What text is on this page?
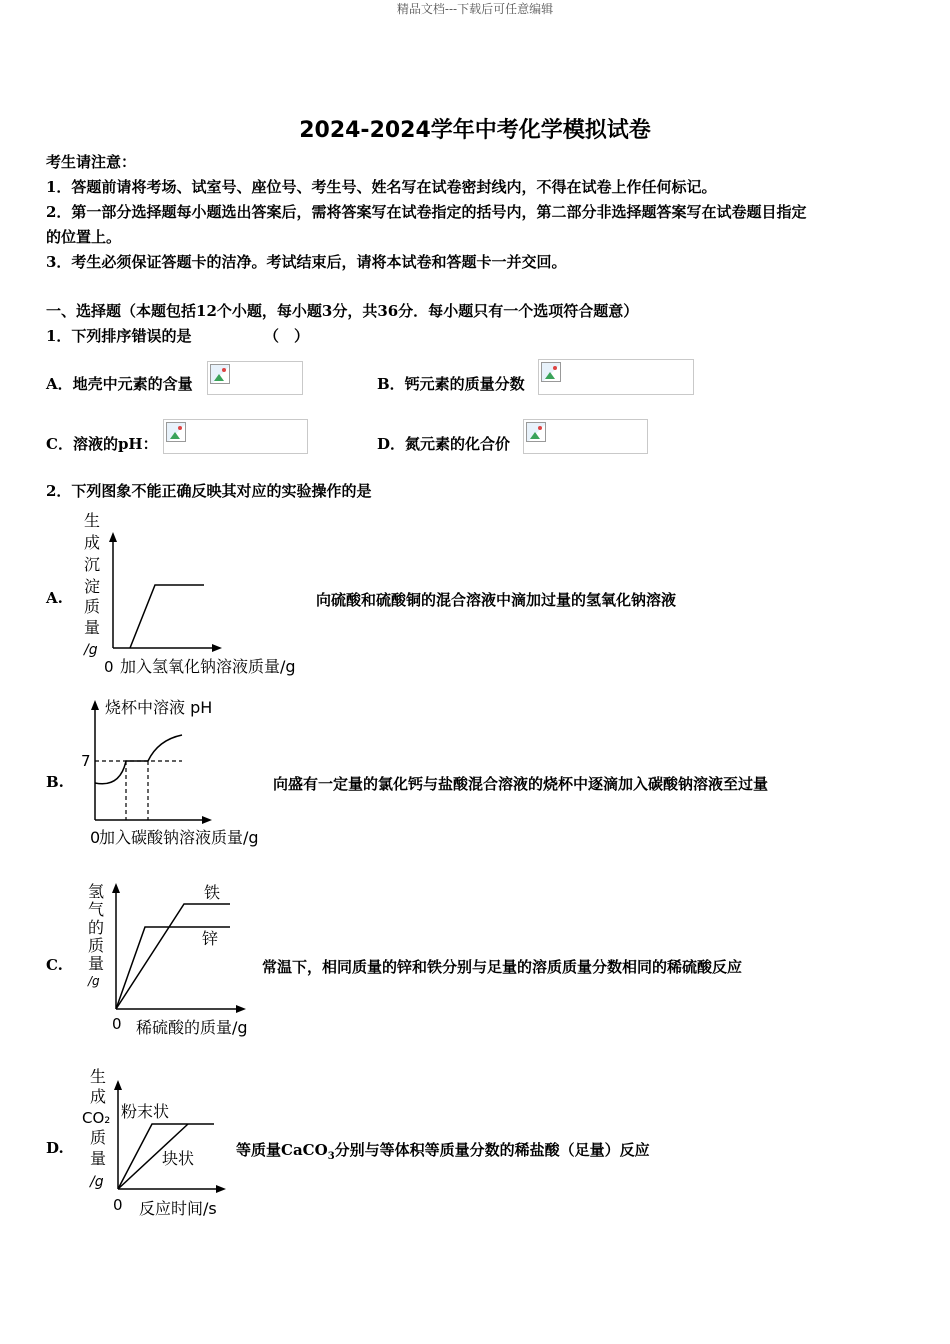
精品文档---下载后可任意编辑
2024-2024学年中考化学模拟试卷
考生请注意：
1．答题前请将考场、试室号、座位号、考生号、姓名写在试卷密封线内，不得在试卷上作任何标记。
2．第一部分选择题每小题选出答案后，需将答案写在试卷指定的括号内，第二部分非选择题答案写在试卷题目指定
的位置上。
3．考生必须保证答题卡的洁净。考试结束后，请将本试卷和答题卡一并交回。
一、选择题（本题包括12个小题，每小题3分，共36分．每小题只有一个选项符合题意）
1．下列排序错误的是	（　）
A．地壳中元素的含量	B．钙元素的质量分数
C．溶液的pH：	D．氮元素的化合价
2．下列图象不能正确反映其对应的实验操作的是
A.
生
成
沉
淀
质
量
/g
0 加入氢氧化钠溶液质量/g
向硫酸和硫酸铜的混合溶液中滴加过量的氢氧化钠溶液
B.
烧杯中溶液 pH
7
0
加入碳酸钠溶液质量/g
向盛有一定量的氯化钙与盐酸混合溶液的烧杯中逐滴加入碳酸钠溶液至过量
C.
氢
气
的
质
量
/g
铁
锌
0 稀硫酸的质量/g
常温下，相同质量的锌和铁分别与足量的溶质质量分数相同的稀硫酸反应
D.
生
成
CO₂
质
量
/g
粉末状
块状
0 反应时间/s
等质量CaCO$_3$分别与等体积等质量分数的稀盐酸（足量）反应
